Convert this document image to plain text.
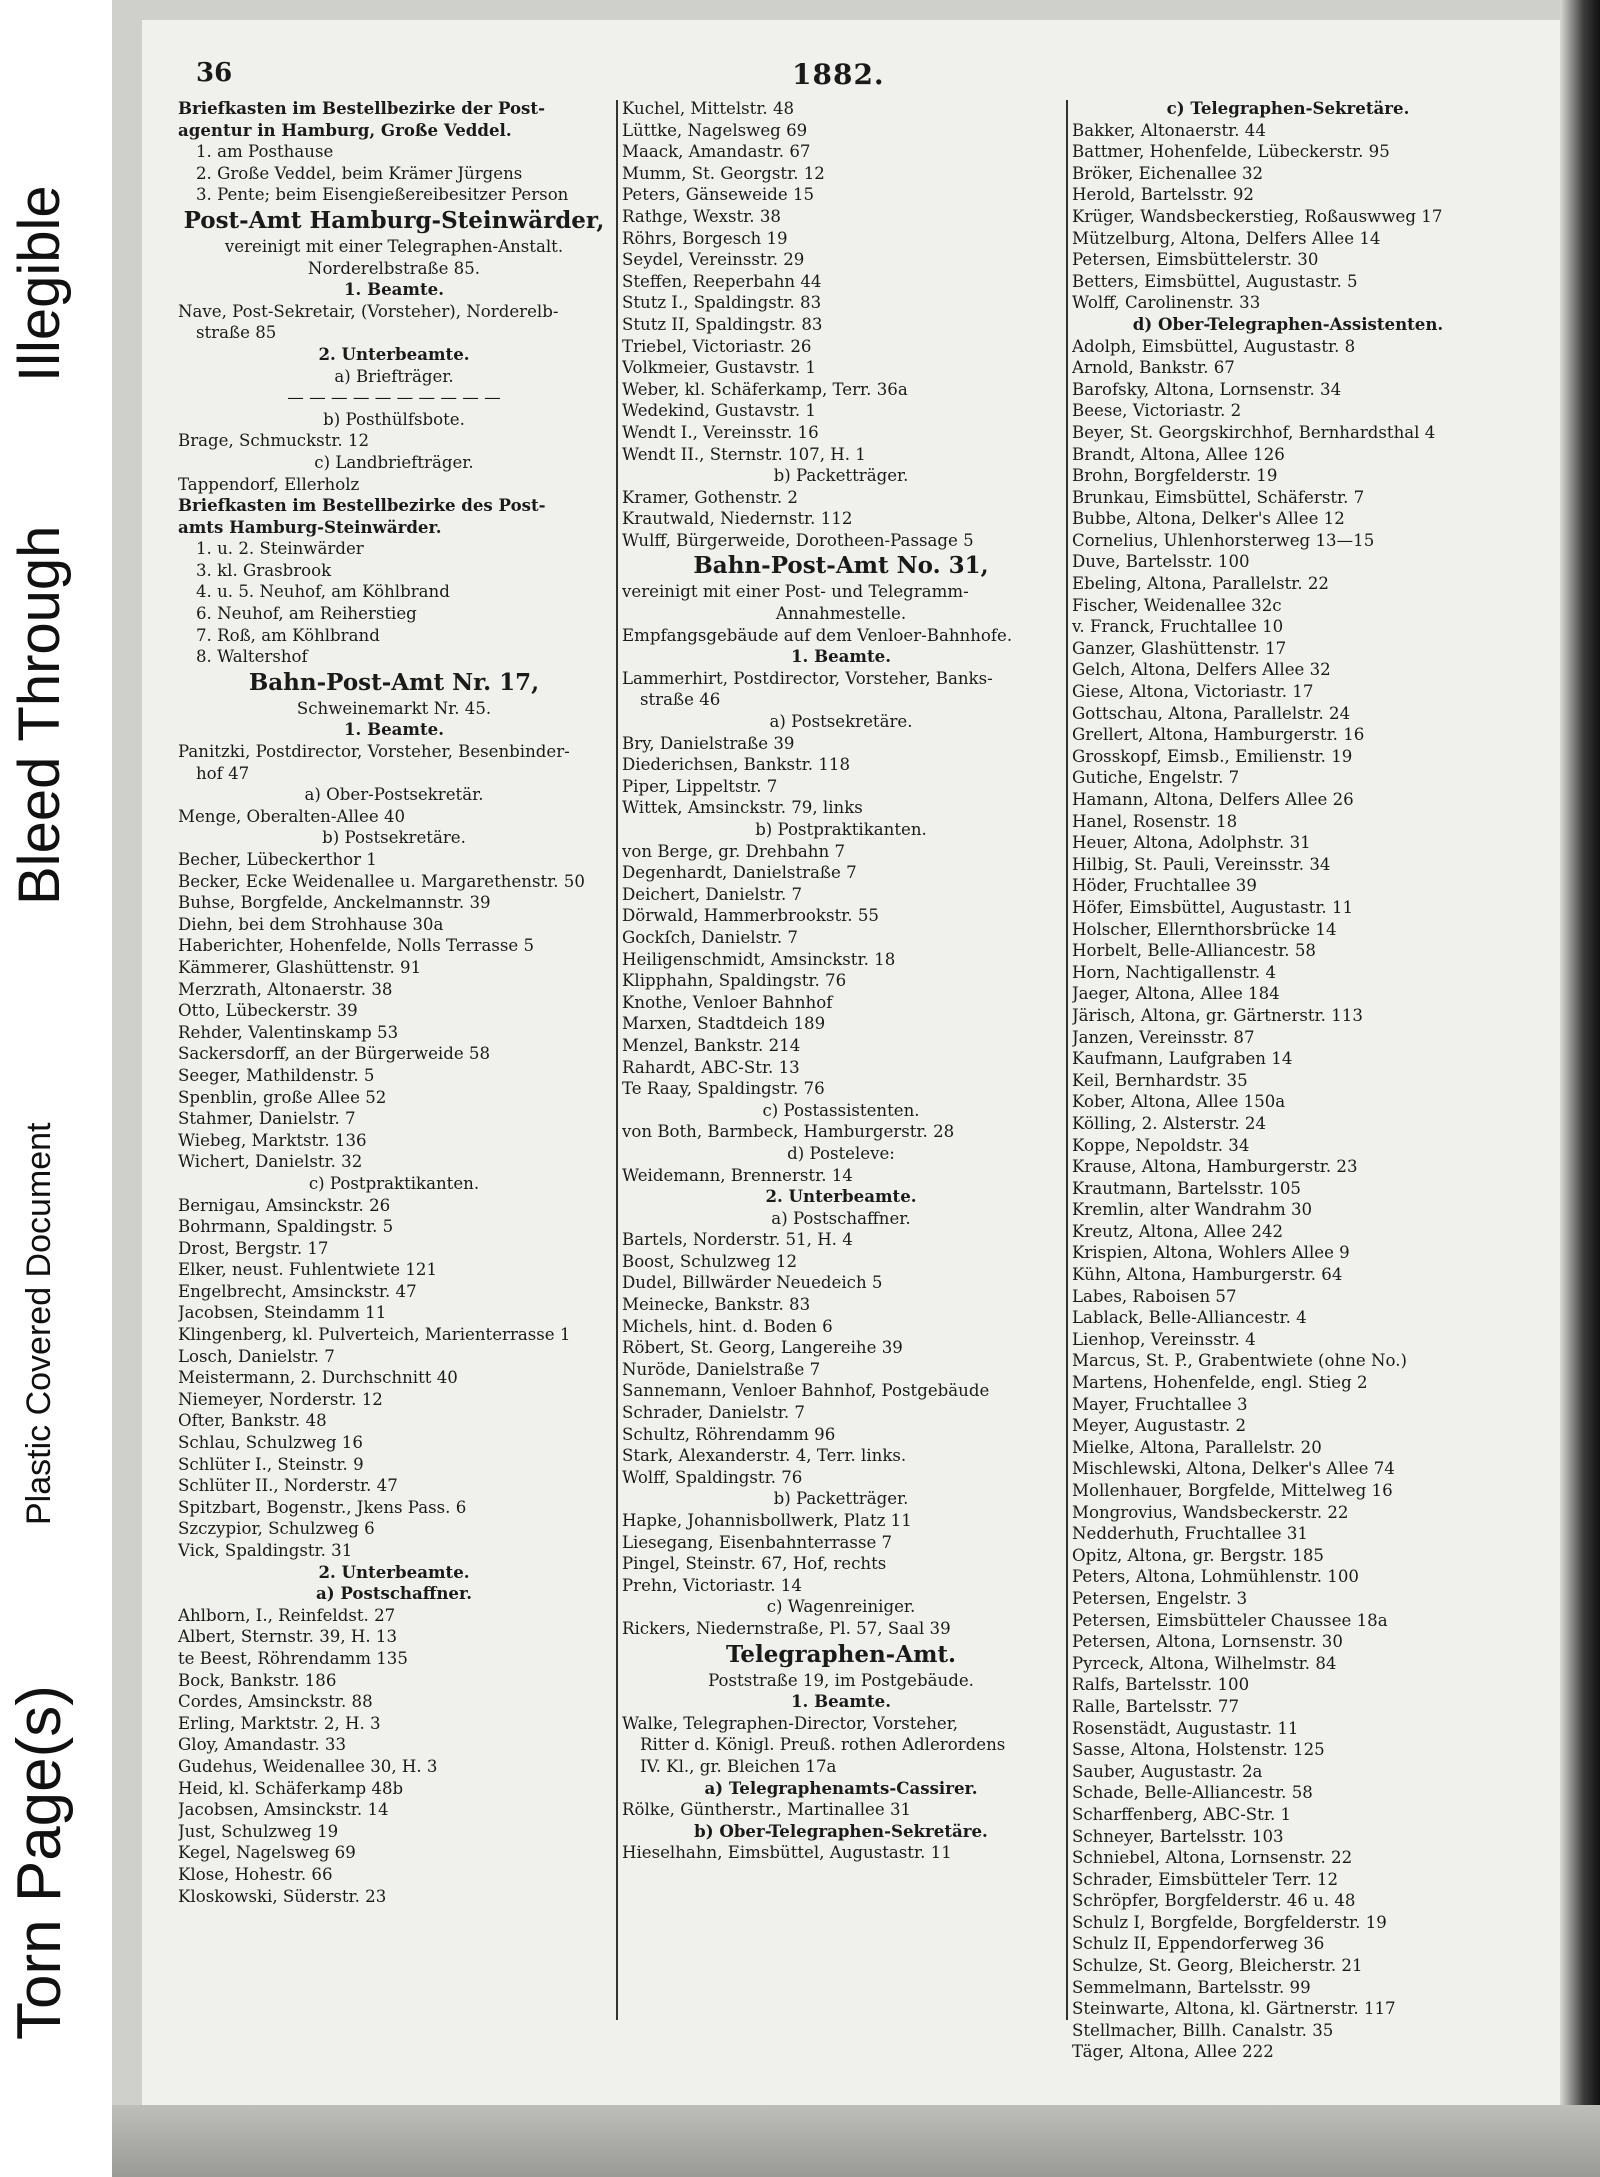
Torn Page(s)
Plastic Covered Document
Bleed Through
Illegible
36	1882.
Briefkasten im Bestellbezirke der Post-
agentur in Hamburg, Große Veddel.
1. am Posthause
2. Große Veddel, beim Krämer Jürgens
3. Pente; beim Eisengießereibesitzer Person
Post-Amt Hamburg-Steinwärder,
vereinigt mit einer Telegraphen-Anstalt.
Norderelbstraße 85.
1. Beamte.
Nave, Post-Sekretair, (Vorsteher), Norderelb-
straße 85
2. Unterbeamte.
a) Briefträger.
— — — — — — — — — —
b) Posthülfsbote.
Brage, Schmuckstr. 12
c) Landbriefträger.
Tappendorf, Ellerholz
Briefkasten im Bestellbezirke des Post-
amts Hamburg-Steinwärder.
1. u. 2. Steinwärder
3. kl. Grasbrook
4. u. 5. Neuhof, am Köhlbrand
6. Neuhof, am Reiherstieg
7. Roß, am Köhlbrand
8. Waltershof
Bahn-Post-Amt Nr. 17,
Schweinemarkt Nr. 45.
1. Beamte.
Panitzki, Postdirector, Vorsteher, Besenbinder-
hof 47
a) Ober-Postsekretär.
Menge, Oberalten-Allee 40
b) Postsekretäre.
Becher, Lübeckerthor 1
Becker, Ecke Weidenallee u. Margarethenstr. 50
Buhse, Borgfelde, Anckelmannstr. 39
Diehn, bei dem Strohhause 30a
Haberichter, Hohenfelde, Nolls Terrasse 5
Kämmerer, Glashüttenstr. 91
Merzrath, Altonaerstr. 38
Otto, Lübeckerstr. 39
Rehder, Valentinskamp 53
Sackersdorff, an der Bürgerweide 58
Seeger, Mathildenstr. 5
Spenblin, große Allee 52
Stahmer, Danielstr. 7
Wiebeg, Marktstr. 136
Wichert, Danielstr. 32
c) Postpraktikanten.
Bernigau, Amsinckstr. 26
Bohrmann, Spaldingstr. 5
Drost, Bergstr. 17
Elker, neust. Fuhlentwiete 121
Engelbrecht, Amsinckstr. 47
Jacobsen, Steindamm 11
Klingenberg, kl. Pulverteich, Marienterrasse 1
Losch, Danielstr. 7
Meistermann, 2. Durchschnitt 40
Niemeyer, Norderstr. 12
Ofter, Bankstr. 48
Schlau, Schulzweg 16
Schlüter I., Steinstr. 9
Schlüter II., Norderstr. 47
Spitzbart, Bogenstr., Jkens Pass. 6
Szczypior, Schulzweg 6
Vick, Spaldingstr. 31
2. Unterbeamte.
a) Postschaffner.
Ahlborn, I., Reinfeldst. 27
Albert, Sternstr. 39, H. 13
te Beest, Röhrendamm 135
Bock, Bankstr. 186
Cordes, Amsinckstr. 88
Erling, Marktstr. 2, H. 3
Gloy, Amandastr. 33
Gudehus, Weidenallee 30, H. 3
Heid, kl. Schäferkamp 48b
Jacobsen, Amsinckstr. 14
Just, Schulzweg 19
Kegel, Nagelsweg 69
Klose, Hohestr. 66
Kloskowski, Süderstr. 23
Kuchel, Mittelstr. 48
Lüttke, Nagelsweg 69
Maack, Amandastr. 67
Mumm, St. Georgstr. 12
Peters, Gänseweide 15
Rathge, Wexstr. 38
Röhrs, Borgesch 19
Seydel, Vereinsstr. 29
Steffen, Reeperbahn 44
Stutz I., Spaldingstr. 83
Stutz II, Spaldingstr. 83
Triebel, Victoriastr. 26
Volkmeier, Gustavstr. 1
Weber, kl. Schäferkamp, Terr. 36a
Wedekind, Gustavstr. 1
Wendt I., Vereinsstr. 16
Wendt II., Sternstr. 107, H. 1
b) Packetträger.
Kramer, Gothenstr. 2
Krautwald, Niedernstr. 112
Wulff, Bürgerweide, Dorotheen-Passage 5
Bahn-Post-Amt No. 31,
vereinigt mit einer Post- und Telegramm-
Annahmestelle.
Empfangsgebäude auf dem Venloer-Bahnhofe.
1. Beamte.
Lammerhirt, Postdirector, Vorsteher, Banks-
straße 46
a) Postsekretäre.
Bry, Danielstraße 39
Diederichsen, Bankstr. 118
Piper, Lippeltstr. 7
Wittek, Amsinckstr. 79, links
b) Postpraktikanten.
von Berge, gr. Drehbahn 7
Degenhardt, Danielstraße 7
Deichert, Danielstr. 7
Dörwald, Hammerbrookstr. 55
Gockſch, Danielstr. 7
Heiligenschmidt, Amsinckstr. 18
Klipphahn, Spaldingstr. 76
Knothe, Venloer Bahnhof
Marxen, Stadtdeich 189
Menzel, Bankstr. 214
Rahardt, ABC-Str. 13
Te Raay, Spaldingstr. 76
c) Postassistenten.
von Both, Barmbeck, Hamburgerstr. 28
d) Posteleve:
Weidemann, Brennerstr. 14
2. Unterbeamte.
a) Postschaffner.
Bartels, Norderstr. 51, H. 4
Boost, Schulzweg 12
Dudel, Billwärder Neuedeich 5
Meinecke, Bankstr. 83
Michels, hint. d. Boden 6
Röbert, St. Georg, Langereihe 39
Nuröde, Danielstraße 7
Sannemann, Venloer Bahnhof, Postgebäude
Schrader, Danielstr. 7
Schultz, Röhrendamm 96
Stark, Alexanderstr. 4, Terr. links.
Wolff, Spaldingstr. 76
b) Packetträger.
Hapke, Johannisbollwerk, Platz 11
Liesegang, Eisenbahnterrasse 7
Pingel, Steinstr. 67, Hof, rechts
Prehn, Victoriastr. 14
c) Wagenreiniger.
Rickers, Niedernstraße, Pl. 57, Saal 39
Telegraphen-Amt.
Poststraße 19, im Postgebäude.
1. Beamte.
Walke, Telegraphen-Director, Vorsteher,
Ritter d. Königl. Preuß. rothen Adlerordens
IV. Kl., gr. Bleichen 17a
a) Telegraphenamts-Cassirer.
Rölke, Güntherstr., Martinallee 31
b) Ober-Telegraphen-Sekretäre.
Hieselhahn, Eimsbüttel, Augustastr. 11
c) Telegraphen-Sekretäre.
Bakker, Altonaerstr. 44
Battmer, Hohenfelde, Lübeckerstr. 95
Bröker, Eichenallee 32
Herold, Bartelsstr. 92
Krüger, Wandsbeckerstieg, Roßauswweg 17
Mützelburg, Altona, Delfers Allee 14
Petersen, Eimsbüttelerstr. 30
Betters, Eimsbüttel, Augustastr. 5
Wolff, Carolinenstr. 33
d) Ober-Telegraphen-Assistenten.
Adolph, Eimsbüttel, Augustastr. 8
Arnold, Bankstr. 67
Barofsky, Altona, Lornsenstr. 34
Beese, Victoriastr. 2
Beyer, St. Georgskirchhof, Bernhardsthal 4
Brandt, Altona, Allee 126
Brohn, Borgfelderstr. 19
Brunkau, Eimsbüttel, Schäferstr. 7
Bubbe, Altona, Delker's Allee 12
Cornelius, Uhlenhorsterweg 13—15
Duve, Bartelsstr. 100
Ebeling, Altona, Parallelstr. 22
Fischer, Weidenallee 32c
v. Franck, Fruchtallee 10
Ganzer, Glashüttenstr. 17
Gelch, Altona, Delfers Allee 32
Giese, Altona, Victoriastr. 17
Gottschau, Altona, Parallelstr. 24
Grellert, Altona, Hamburgerstr. 16
Grosskopf, Eimsb., Emilienstr. 19
Gutiche, Engelstr. 7
Hamann, Altona, Delfers Allee 26
Hanel, Rosenstr. 18
Heuer, Altona, Adolphstr. 31
Hilbig, St. Pauli, Vereinsstr. 34
Höder, Fruchtallee 39
Höfer, Eimsbüttel, Augustastr. 11
Holscher, Ellernthorsbrücke 14
Horbelt, Belle-Alliancestr. 58
Horn, Nachtigallenstr. 4
Jaeger, Altona, Allee 184
Järisch, Altona, gr. Gärtnerstr. 113
Janzen, Vereinsstr. 87
Kaufmann, Laufgraben 14
Keil, Bernhardstr. 35
Kober, Altona, Allee 150a
Kölling, 2. Alsterstr. 24
Koppe, Nepoldstr. 34
Krause, Altona, Hamburgerstr. 23
Krautmann, Bartelsstr. 105
Kremlin, alter Wandrahm 30
Kreutz, Altona, Allee 242
Krispien, Altona, Wohlers Allee 9
Kühn, Altona, Hamburgerstr. 64
Labes, Raboisen 57
Lablack, Belle-Alliancestr. 4
Lienhop, Vereinsstr. 4
Marcus, St. P., Grabentwiete (ohne No.)
Martens, Hohenfelde, engl. Stieg 2
Mayer, Fruchtallee 3
Meyer, Augustastr. 2
Mielke, Altona, Parallelstr. 20
Mischlewski, Altona, Delker's Allee 74
Mollenhauer, Borgfelde, Mittelweg 16
Mongrovius, Wandsbeckerstr. 22
Nedderhuth, Fruchtallee 31
Opitz, Altona, gr. Bergstr. 185
Peters, Altona, Lohmühlenstr. 100
Petersen, Engelstr. 3
Petersen, Eimsbütteler Chaussee 18a
Petersen, Altona, Lornsenstr. 30
Pyrceck, Altona, Wilhelmstr. 84
Ralfs, Bartelsstr. 100
Ralle, Bartelsstr. 77
Rosenstädt, Augustastr. 11
Sasse, Altona, Holstenstr. 125
Sauber, Augustastr. 2a
Schade, Belle-Alliancestr. 58
Scharffenberg, ABC-Str. 1
Schneyer, Bartelsstr. 103
Schniebel, Altona, Lornsenstr. 22
Schrader, Eimsbütteler Terr. 12
Schröpfer, Borgfelderstr. 46 u. 48
Schulz I, Borgfelde, Borgfelderstr. 19
Schulz II, Eppendorferweg 36
Schulze, St. Georg, Bleicherstr. 21
Semmelmann, Bartelsstr. 99
Steinwarte, Altona, kl. Gärtnerstr. 117
Stellmacher, Billh. Canalstr. 35
Täger, Altona, Allee 222
